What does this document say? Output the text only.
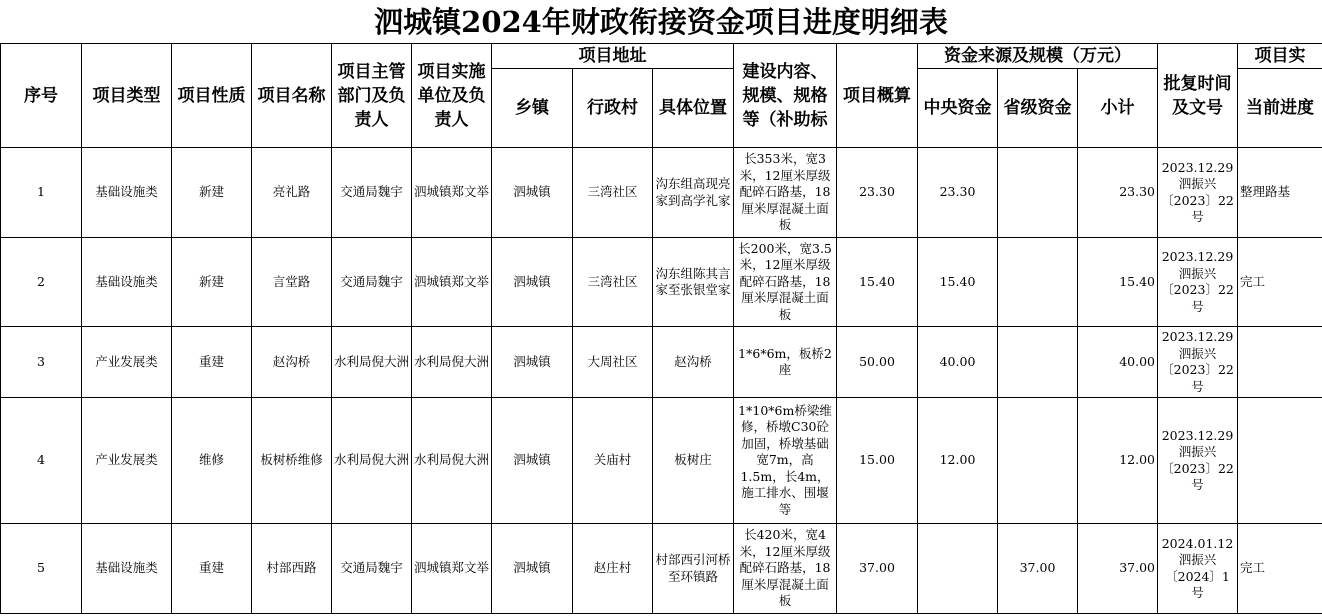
泗城镇2024年财政衔接资金项目进度明细表
序号	项目类型	项目性质	项目名称	项目主管部门及负责人	项目实施单位及负责人	项目地址			建设内容、规模、规格等（补助标	项目概算	资金来源及规模（万元）			批复时间及文号	项目实
						乡镇	行政村	具体位置			中央资金	省级资金	小计		当前进度
1	基础设施类	新建	亮礼路	交通局魏宇	泗城镇郑文举	泗城镇	三湾社区	沟东组高现亮家到高学礼家	长353米，宽3米，12厘米厚级配碎石路基，18厘米厚混凝土面板	23.30	23.30		23.30	2023.12.29泗振兴〔2023〕22号	整理路基
2	基础设施类	新建	言堂路	交通局魏宇	泗城镇郑文举	泗城镇	三湾社区	沟东组陈其言家至张银堂家	长200米，宽3.5米，12厘米厚级配碎石路基，18厘米厚混凝土面板	15.40	15.40		15.40	2023.12.29泗振兴〔2023〕22号	完工
3	产业发展类	重建	赵沟桥	水利局倪大洲	水利局倪大洲	泗城镇	大周社区	赵沟桥	1*6*6m，板桥2座	50.00	40.00		40.00	2023.12.29泗振兴〔2023〕22号	
4	产业发展类	维修	板树桥维修	水利局倪大洲	水利局倪大洲	泗城镇	关庙村	板树庄	1*10*6m桥梁维修，桥墩C30砼加固，桥墩基础宽7m，高1.5m，长4m，施工排水、围堰等	15.00	12.00		12.00	2023.12.29泗振兴〔2023〕22号	
5	基础设施类	重建	村部西路	交通局魏宇	泗城镇郑文举	泗城镇	赵庄村	村部西引河桥至环镇路	长420米，宽4米，12厘米厚级配碎石路基，18厘米厚混凝土面板	37.00		37.00	37.00	2024.01.12泗振兴〔2024〕1号	完工
